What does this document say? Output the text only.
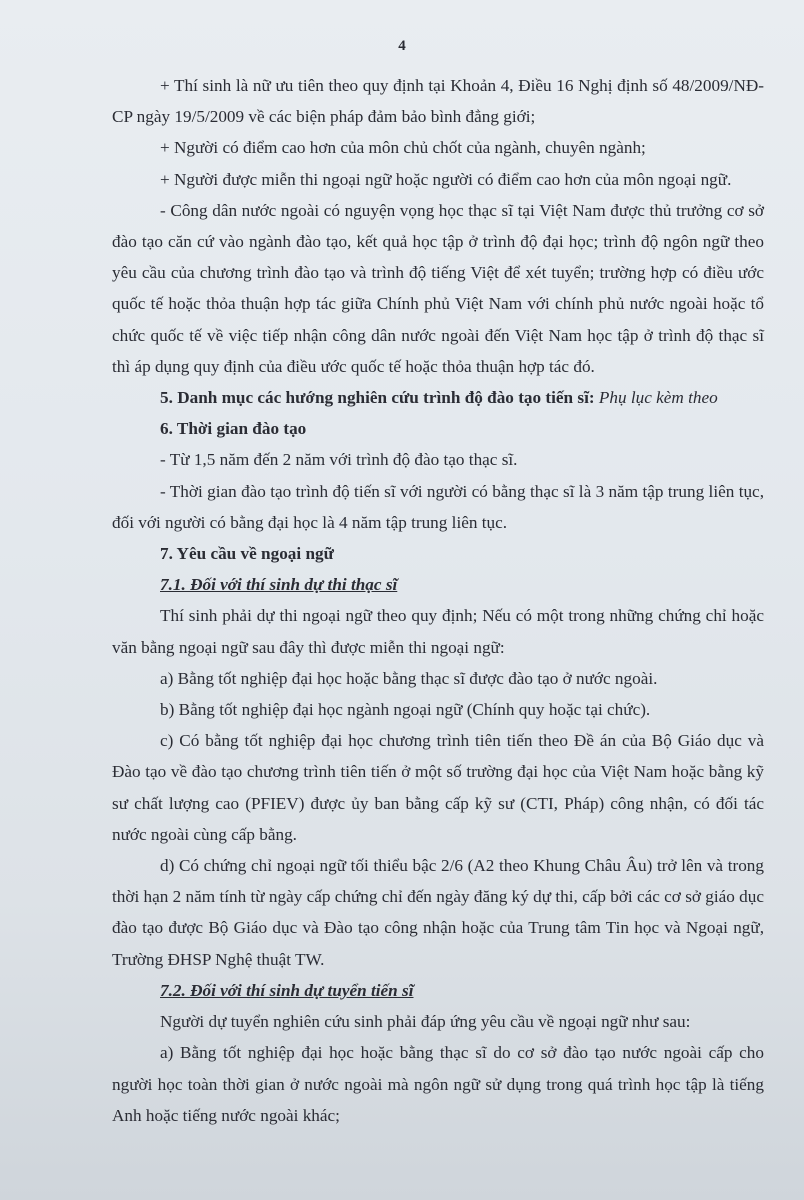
4

+ Thí sinh là nữ ưu tiên theo quy định tại Khoản 4, Điều 16 Nghị định số 48/2009/NĐ-CP ngày 19/5/2009 về các biện pháp đảm bảo bình đẳng giới;

+ Người có điểm cao hơn của môn chủ chốt của ngành, chuyên ngành;

+ Người được miễn thi ngoại ngữ hoặc người có điểm cao hơn của môn ngoại ngữ.

- Công dân nước ngoài có nguyện vọng học thạc sĩ tại Việt Nam được thủ trưởng cơ sở đào tạo căn cứ vào ngành đào tạo, kết quả học tập ở trình độ đại học; trình độ ngôn ngữ theo yêu cầu của chương trình đào tạo và trình độ tiếng Việt để xét tuyển; trường hợp có điều ước quốc tế hoặc thỏa thuận hợp tác giữa Chính phủ Việt Nam với chính phủ nước ngoài hoặc tổ chức quốc tế về việc tiếp nhận công dân nước ngoài đến Việt Nam học tập ở trình độ thạc sĩ thì áp dụng quy định của điều ước quốc tế hoặc thỏa thuận hợp tác đó.

5. Danh mục các hướng nghiên cứu trình độ đào tạo tiến sĩ: Phụ lục kèm theo
6. Thời gian đào tạo

- Từ 1,5 năm đến 2 năm với trình độ đào tạo thạc sĩ.

- Thời gian đào tạo trình độ tiến sĩ với người có bằng thạc sĩ là 3 năm tập trung liên tục, đối với người có bằng đại học là 4 năm tập trung liên tục.

7. Yêu cầu về ngoại ngữ
7.1. Đối với thí sinh dự thi thạc sĩ

Thí sinh phải dự thi ngoại ngữ theo quy định; Nếu có một trong những chứng chỉ hoặc văn bằng ngoại ngữ sau đây thì được miễn thi ngoại ngữ:

a) Bằng tốt nghiệp đại học hoặc bằng thạc sĩ được đào tạo ở nước ngoài.

b) Bằng tốt nghiệp đại học ngành ngoại ngữ (Chính quy hoặc tại chức).

c) Có bằng tốt nghiệp đại học chương trình tiên tiến theo Đề án của Bộ Giáo dục và Đào tạo về đào tạo chương trình tiên tiến ở một số trường đại học của Việt Nam hoặc bằng kỹ sư chất lượng cao (PFIEV) được ủy ban bằng cấp kỹ sư (CTI, Pháp) công nhận, có đối tác nước ngoài cùng cấp bằng.

d) Có chứng chỉ ngoại ngữ tối thiểu bậc 2/6 (A2 theo Khung Châu Âu) trở lên và trong thời hạn 2 năm tính từ ngày cấp chứng chỉ đến ngày đăng ký dự thi, cấp bởi các cơ sở giáo dục đào tạo được Bộ Giáo dục và Đào tạo công nhận hoặc của Trung tâm Tin học và Ngoại ngữ, Trường ĐHSP Nghệ thuật TW.

7.2. Đối với thí sinh dự tuyển tiến sĩ

Người dự tuyển nghiên cứu sinh phải đáp ứng yêu cầu về ngoại ngữ như sau:

a) Bằng tốt nghiệp đại học hoặc bằng thạc sĩ do cơ sở đào tạo nước ngoài cấp cho người học toàn thời gian ở nước ngoài mà ngôn ngữ sử dụng trong quá trình học tập là tiếng Anh hoặc tiếng nước ngoài khác;
